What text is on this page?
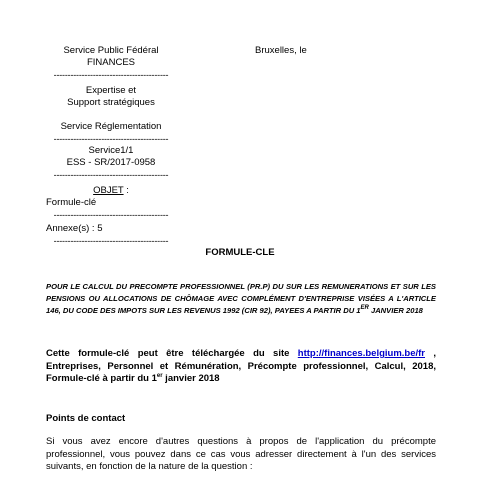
Service Public Fédéral
FINANCES
-----------------------------------------
Expertise et
Support stratégiques
Service Réglementation
-----------------------------------------
Service1/1
ESS - SR/2017-0958
-----------------------------------------
OBJET :
Formule-clé
-----------------------------------------
Annexe(s) : 5
-----------------------------------------
Bruxelles, le
FORMULE-CLE
POUR LE CALCUL DU PRECOMPTE PROFESSIONNEL (PR.P) DU SUR LES REMUNERATIONS ET SUR LES PENSIONS OU ALLOCATIONS DE CHÔMAGE AVEC COMPLÉMENT D'ENTREPRISE VISÉES A L'ARTICLE 146, DU CODE DES IMPOTS SUR LES REVENUS 1992 (CIR 92), PAYEES A PARTIR DU 1ER JANVIER 2018
Cette formule-clé peut être téléchargée du site http://finances.belgium.be/fr , Entreprises, Personnel et Rémunération, Précompte professionnel, Calcul, 2018, Formule-clé à partir du 1er janvier 2018
Points de contact
Si vous avez encore d'autres questions à propos de l'application du précompte professionnel, vous pouvez dans ce cas vous adresser directement à l'un des services suivants, en fonction de la nature de la question :
